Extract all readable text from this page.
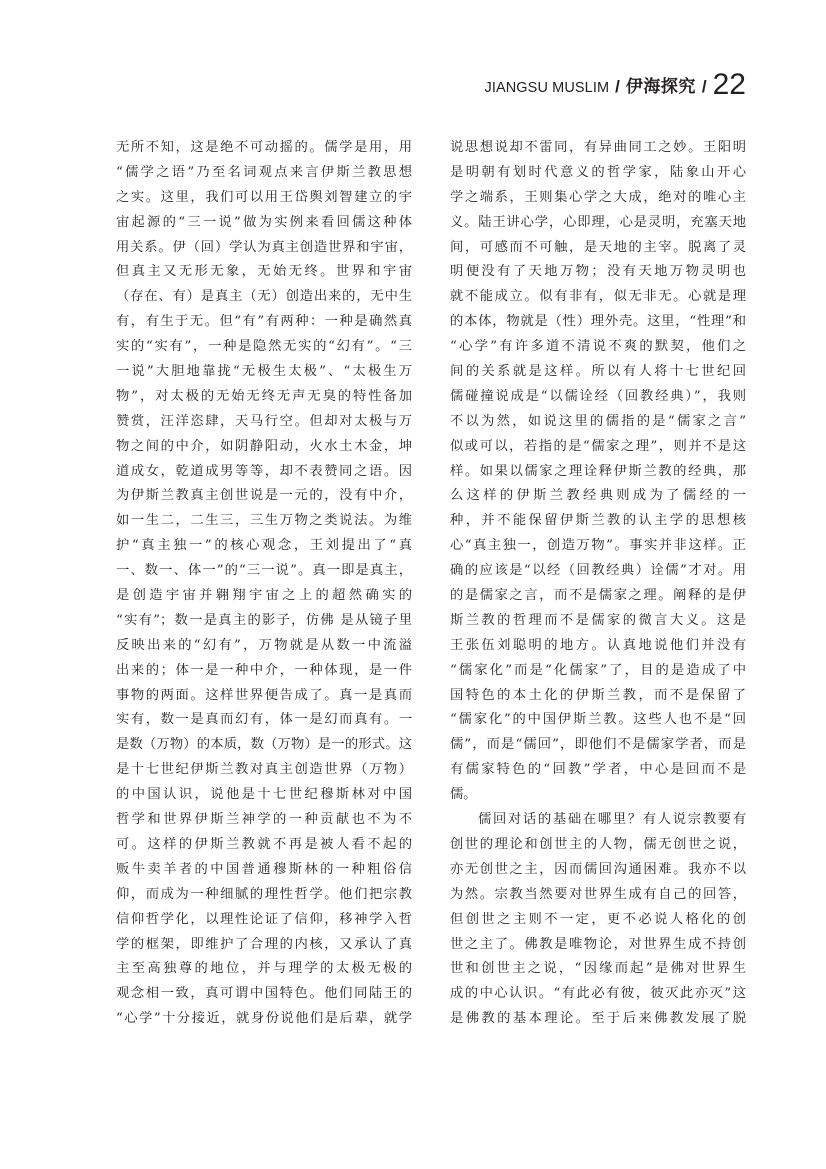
JIANGSU MUSLIM / 伊海探究 / 22
无所不知，这是绝不可动摇的。儒学是用，用
“儒学之语”乃至名词观点来言伊斯兰教思想
之实。这里，我们可以用王岱舆刘智建立的宇
宙起源的“三一说”做为实例来看回儒这种体
用关系。伊（回）学认为真主创造世界和宇宙，
但真主又无形无象，无始无终。世界和宇宙
（存在、有）是真主（无）创造出来的，无中生
有，有生于无。但“有”有两种：一种是确然真
实的“实有”，一种是隐然无实的“幻有”。“三
一说”大胆地靠拢“无极生太极”、“太极生万
物”，对太极的无始无终无声无臭的特性备加
赞赏，汪洋恣肆，天马行空。但却对太极与万
物之间的中介，如阴静阳动，火水土木金，坤
道成女，乾道成男等等，却不表赞同之语。因
为伊斯兰教真主创世说是一元的，没有中介，
如一生二，二生三，三生万物之类说法。为维
护“真主独一”的核心观念，王刘提出了“真
一、数一、体一”的“三一说”。真一即是真主，
是创造宇宙并翱翔宇宙之上的超然确实的
“实有”；数一是真主的影子，仿佛 是从镜子里
反映出来的“幻有”，万物就是从数一中流溢
出来的；体一是一种中介，一种体现，是一件
事物的两面。这样世界便告成了。真一是真而
实有，数一是真而幻有，体一是幻而真有。一
是数（万物）的本质，数（万物）是一的形式。这
是十七世纪伊斯兰教对真主创造世界（万物）
的中国认识，说他是十七世纪穆斯林对中国
哲学和世界伊斯兰神学的一种贡献也不为不
可。这样的伊斯兰教就不再是被人看不起的
贩牛卖羊者的中国普通穆斯林的一种粗俗信
仰，而成为一种细腻的理性哲学。他们把宗教
信仰哲学化，以理性论证了信仰，移神学入哲
学的框架，即维护了合理的内核，又承认了真
主至高独尊的地位，并与理学的太极无极的
观念相一致，真可谓中国特色。他们同陆王的
“心学”十分接近，就身份说他们是后辈，就学
说思想说却不雷同，有异曲同工之妙。王阳明
是明朝有划时代意义的哲学家，陆象山开心
学之端系，王则集心学之大成，绝对的唯心主
义。陆王讲心学，心即理，心是灵明，充塞天地
间，可感而不可触，是天地的主宰。脱离了灵
明便没有了天地万物；没有天地万物灵明也
就不能成立。似有非有，似无非无。心就是理
的本体，物就是（性）理外壳。这里，“性理”和
“心学”有许多道不清说不爽的默契，他们之
间的关系就是这样。所以有人将十七世纪回
儒碰撞说成是“以儒诠经（回教经典）”，我则
不以为然，如说这里的儒指的是“儒家之言”
似或可以，若指的是“儒家之理”，则并不是这
样。如果以儒家之理诠释伊斯兰教的经典，那
么这样的伊斯兰教经典则成为了儒经的一
种，并不能保留伊斯兰教的认主学的思想核
心“真主独一，创造万物”。事实并非这样。正
确的应该是“以经（回教经典）诠儒”才对。用
的是儒家之言，而不是儒家之理。阐释的是伊
斯兰教的哲理而不是儒家的微言大义。这是
王张伍刘聪明的地方。认真地说他们并没有
“儒家化”而是“化儒家”了，目的是造成了中
国特色的本土化的伊斯兰教，而不是保留了
“儒家化”的中国伊斯兰教。这些人也不是“回
儒”，而是“儒回”，即他们不是儒家学者，而是
有儒家特色的“回教”学者，中心是回而不是
儒。
儒回对话的基础在哪里？有人说宗教要有
创世的理论和创世主的人物，儒无创世之说，
亦无创世之主，因而儒回沟通困难。我亦不以
为然。宗教当然要对世界生成有自己的回答，
但创世之主则不一定，更不必说人格化的创
世之主了。佛教是唯物论，对世界生成不持创
世和创世主之说，“因缘而起”是佛对世界生
成的中心认识。“有此必有彼，彼灭此亦灭”这
是佛教的基本理论。至于后来佛教发展了脱
